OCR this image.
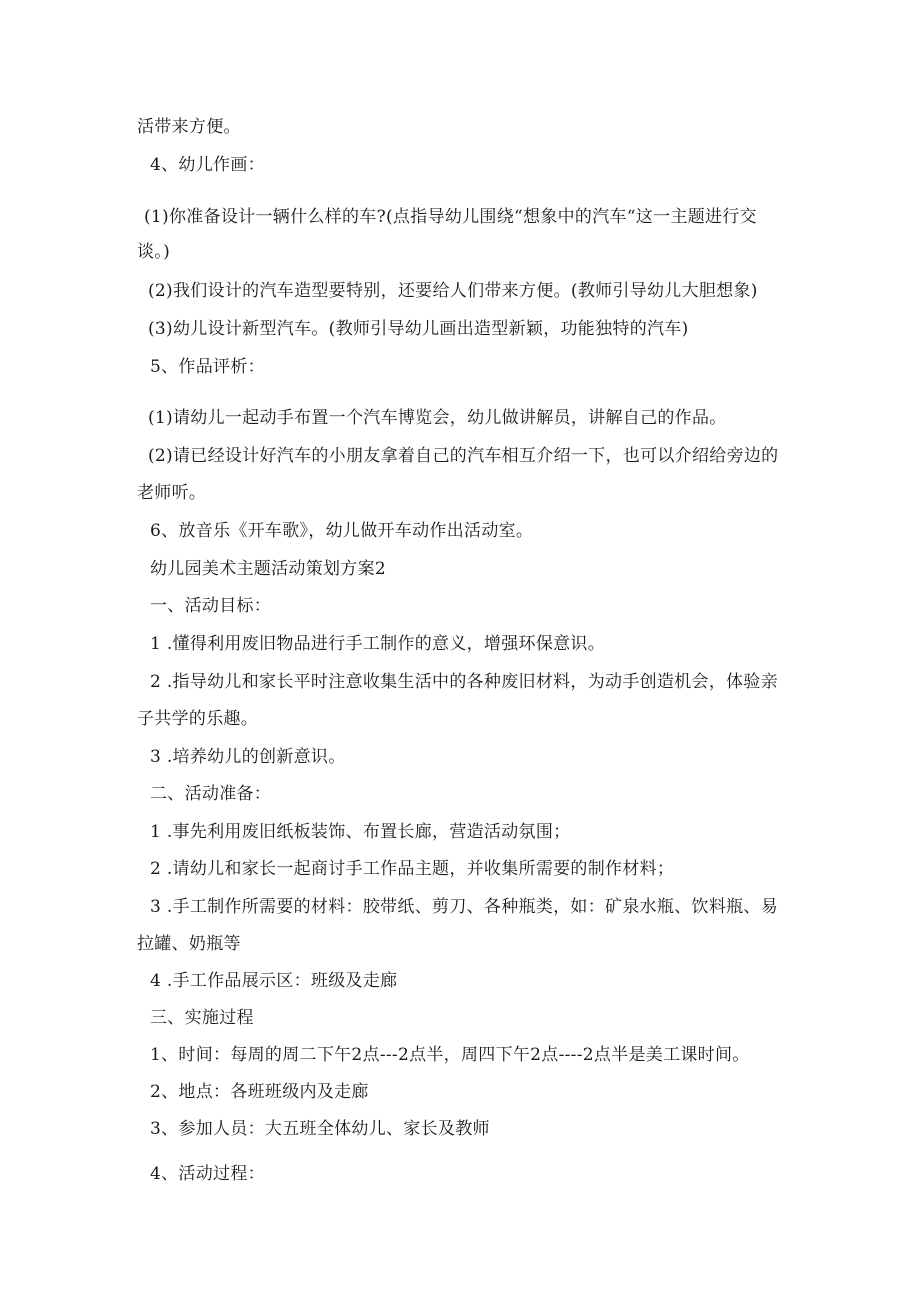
活带来方便。
4、幼儿作画：
(1)你准备设计一辆什么样的车?(点指导幼儿围绕“想象中的汽车“这一主题进行交
谈。)
(2)我们设计的汽车造型要特别，还要给人们带来方便。(教师引导幼儿大胆想象)
(3)幼儿设计新型汽车。(教师引导幼儿画出造型新颖，功能独特的汽车)
5、作品评析：
(1)请幼儿一起动手布置一个汽车博览会，幼儿做讲解员，讲解自己的作品。
(2)请已经设计好汽车的小朋友拿着自己的汽车相互介绍一下，也可以介绍给旁边的
老师听。
6、放音乐《开车歌》，幼儿做开车动作出活动室。
幼儿园美术主题活动策划方案2
一、活动目标：
1 .懂得利用废旧物品进行手工制作的意义，增强环保意识。
2 .指导幼儿和家长平时注意收集生活中的各种废旧材料，为动手创造机会，体验亲
子共学的乐趣。
3 .培养幼儿的创新意识。
二、活动准备：
1 .事先利用废旧纸板装饰、布置长廊，营造活动氛围；
2 .请幼儿和家长一起商讨手工作品主题，并收集所需要的制作材料；
3 .手工制作所需要的材料：胶带纸、剪刀、各种瓶类，如：矿泉水瓶、饮料瓶、易
拉罐、奶瓶等
4 .手工作品展示区：班级及走廊
三、实施过程
1、时间：每周的周二下午2点---2点半，周四下午2点----2点半是美工课时间。
2、地点：各班班级内及走廊
3、参加人员：大五班全体幼儿、家长及教师
4、活动过程：
